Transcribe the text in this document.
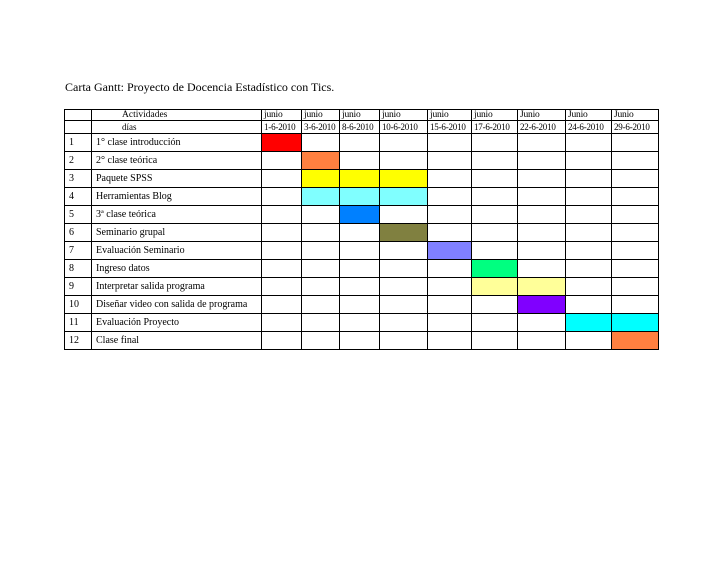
Carta Gantt: Proyecto de Docencia Estadístico con Tics.
	Actividades	junio	junio	junio	junio	junio	junio	Junio	Junio	Junio
	días	1-6-2010	3-6-2010	8-6-2010	10-6-2010	15-6-2010	17-6-2010	22-6-2010	24-6-2010	29-6-2010
1	1° clase introducción									
2	2° clase teórica									
3	Paquete SPSS									
4	Herramientas Blog									
5	3ª clase teórica									
6	Seminario grupal									
7	Evaluación Seminario									
8	Ingreso datos									
9	Interpretar salida programa									
10	Diseñar video con salida de programa									
11	Evaluación Proyecto									
12	Clase final									
